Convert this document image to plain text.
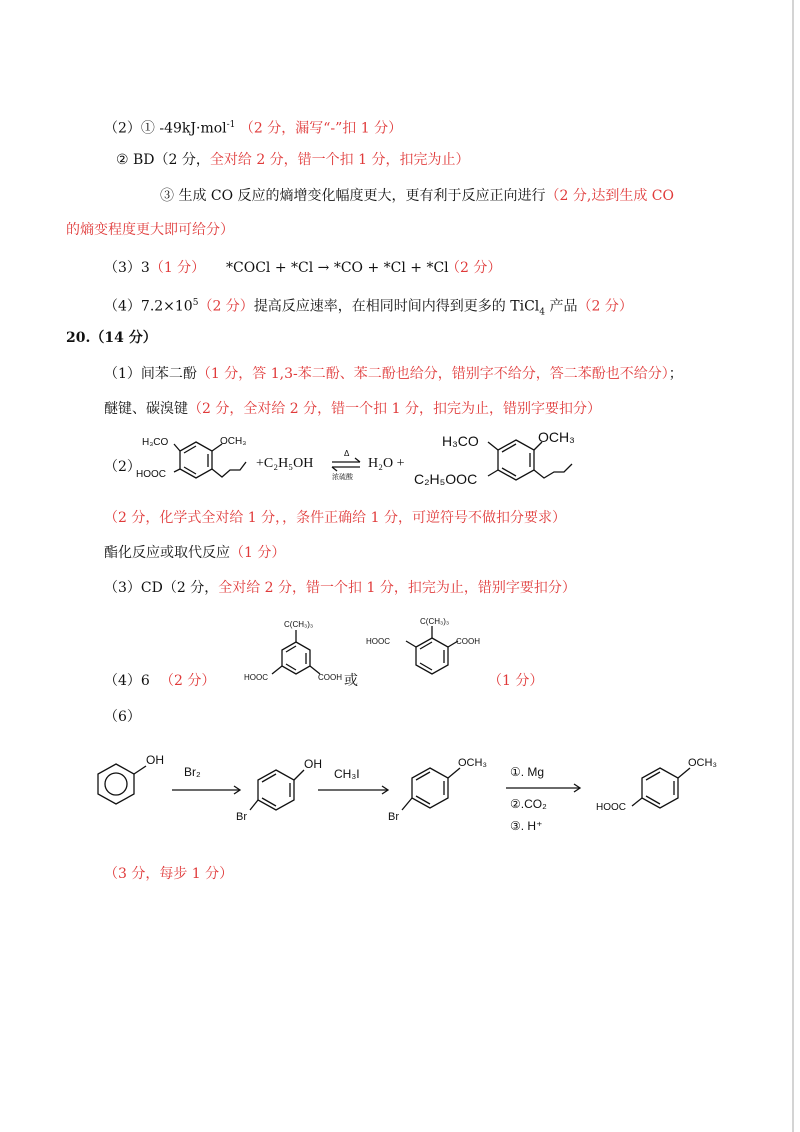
（2）① -49kJ·mol$^{-1}$ （2 分，漏写“-”扣 1 分）
② BD（2 分，全对给 2 分，错一个扣 1 分，扣完为止）
③ 生成 CO 反应的熵增变化幅度更大，更有利于反应正向进行（2 分,达到生成 CO
的熵变程度更大即可给分）
（3）3（1 分） *COCl + *Cl → *CO + *Cl + *Cl
（2 分）
$(4)7.2\times 10^5(2$ 分）提高反应速率，在相同时间内得到更多的 TiCl$_4$ 产品（2 分）
20.（14 分）
（1）间苯二酚（1 分，答 1,3-苯二酚、苯二酚也给分，错别字不给分，答二苯酚也不给分）；
醚键、碳溴键（2 分，全对给 2 分，错一个扣 1 分，扣完为止，错别字要扣分）
（2）
H₃CO	OCH₃
HOOC
+C₂H₅OH
Δ
浓硫酸
H₂O +
H₃CO	OCH₃
C₂H₅OOC
（2 分，化学式全对给 1 分，，条件正确给 1 分，可逆符号不做扣分要求）
酯化反应或取代反应（1 分）
（3）CD（2 分，全对给 2 分，错一个扣 1 分，扣完为止，错别字要扣分）
（4）6 （2 分）
C(CH₃)₃
HOOC	COOH 或
C(CH₃)₃
HOOC	COOH
（1 分）
（6）
OH
Br₂
OH
Br
CH₃I
OCH₃
Br
①. Mg
②.CO₂
③. H⁺
OCH₃
HOOC
（3 分，每步 1 分）
